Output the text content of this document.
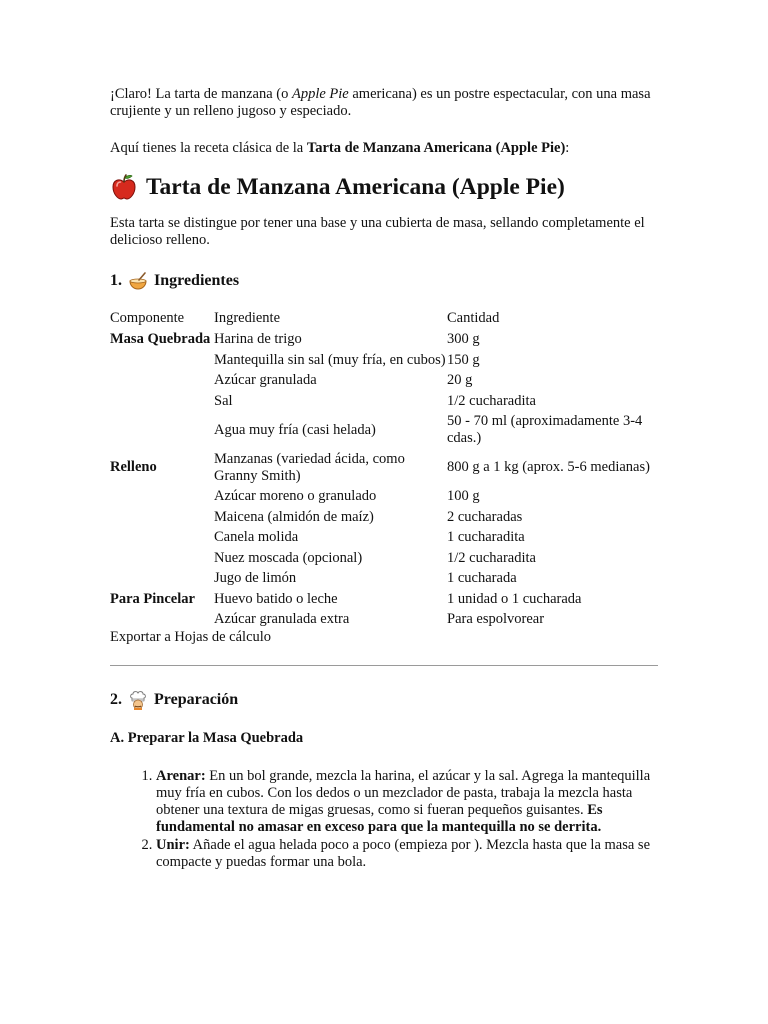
¡Claro! La tarta de manzana (o Apple Pie americana) es un postre espectacular, con una masa crujiente y un relleno jugoso y especiado.

Aquí tienes la receta clásica de la Tarta de Manzana Americana (Apple Pie):

Tarta de Manzana Americana (Apple Pie)

Esta tarta se distingue por tener una base y una cubierta de masa, sellando completamente el delicioso relleno.

1. Ingredientes
Componente	Ingrediente	Cantidad
Masa Quebrada	Harina de trigo	300 g
	Mantequilla sin sal (muy fría, en cubos)	150 g
	Azúcar granulada	20 g
	Sal	1/2 cucharadita
	Agua muy fría (casi helada)	50 - 70 ml (aproximadamente 3-4 cdas.)
Relleno	Manzanas (variedad ácida, como Granny Smith)	800 g a 1 kg (aprox. 5-6 medianas)
	Azúcar moreno o granulado	100 g
	Maicena (almidón de maíz)	2 cucharadas
	Canela molida	1 cucharadita
	Nuez moscada (opcional)	1/2 cucharadita
	Jugo de limón	1 cucharada
Para Pincelar	Huevo batido o leche	1 unidad o 1 cucharada
	Azúcar granulada extra	Para espolvorear

Exportar a Hojas de cálculo

2. Preparación

A. Preparar la Masa Quebrada

1. Arenar: En un bol grande, mezcla la harina, el azúcar y la sal. Agrega la mantequilla muy fría en cubos. Con los dedos o un mezclador de pasta, trabaja la mezcla hasta obtener una textura de migas gruesas, como si fueran pequeños guisantes. Es fundamental no amasar en exceso para que la mantequilla no se derrita.
2. Unir: Añade el agua helada poco a poco (empieza por ). Mezcla hasta que la masa se compacte y puedas formar una bola.
